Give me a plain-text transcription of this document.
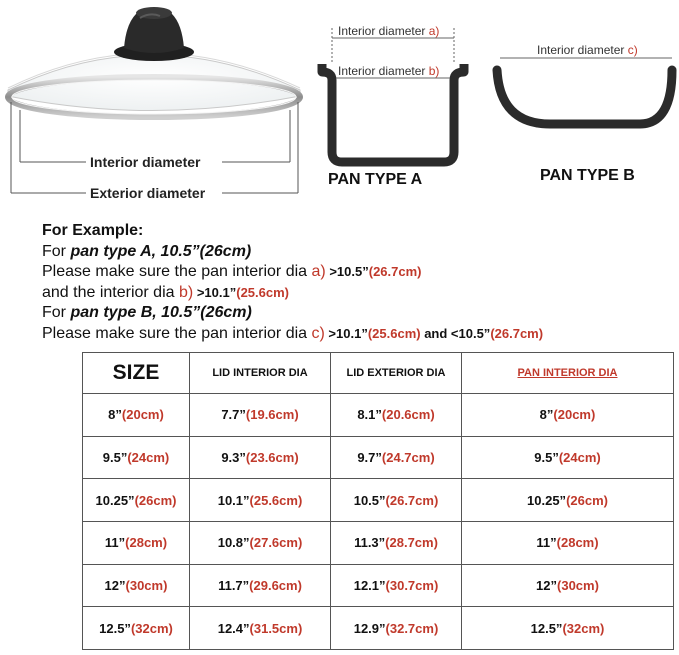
Interior diameter
Exterior diameter
Interior diameter a)
Interior diameter b)
PAN TYPE A
Interior diameter c)
PAN TYPE B
For Example:
For pan type A, 10.5”(26cm)
Please make sure the pan interior dia a) >10.5”(26.7cm)
and the interior dia b) >10.1”(25.6cm)
For pan type B, 10.5”(26cm)
Please make sure the pan interior dia c) >10.1”(25.6cm) and <10.5”(26.7cm)
SIZE	LID INTERIOR DIA	LID EXTERIOR DIA	PAN INTERIOR DIA
8”(20cm)	7.7”(19.6cm)	8.1”(20.6cm)	8”(20cm)
9.5”(24cm)	9.3”(23.6cm)	9.7”(24.7cm)	9.5”(24cm)
10.25”(26cm)	10.1”(25.6cm)	10.5”(26.7cm)	10.25”(26cm)
11”(28cm)	10.8”(27.6cm)	11.3”(28.7cm)	11”(28cm)
12”(30cm)	11.7”(29.6cm)	12.1”(30.7cm)	12”(30cm)
12.5”(32cm)	12.4”(31.5cm)	12.9”(32.7cm)	12.5”(32cm)
